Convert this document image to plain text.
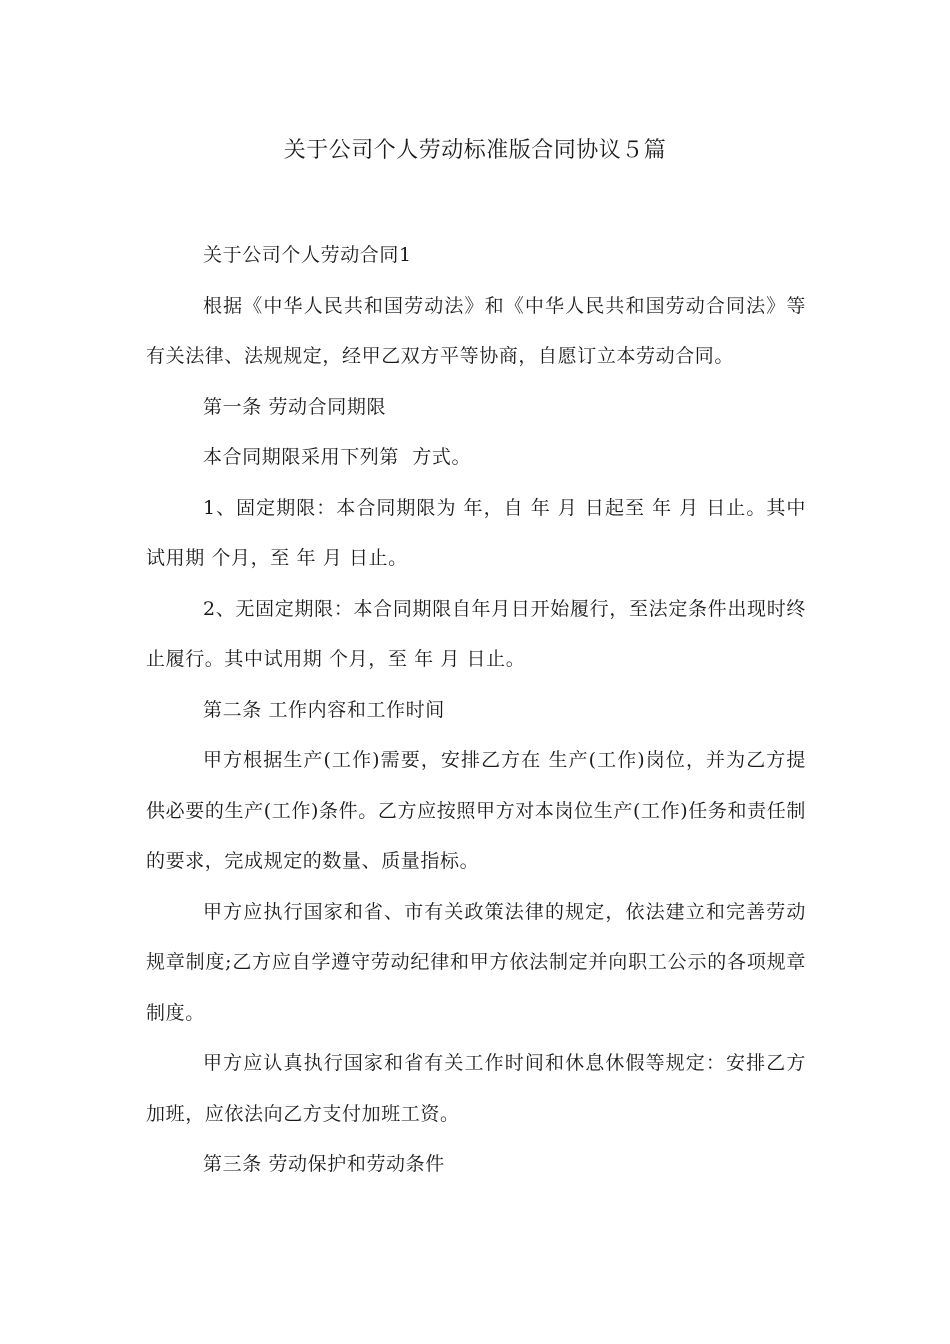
关于公司个人劳动标准版合同协议５篇

关于公司个人劳动合同1

根据《中华人民共和国劳动法》和《中华人民共和国劳动合同法》等有关法律、法规规定，经甲乙双方平等协商，自愿订立本劳动合同。

第一条 劳动合同期限

本合同期限采用下列第  方式。

1、固定期限：本合同期限为 年，自 年 月 日起至 年 月 日止。其中试用期 个月，至 年 月 日止。

2、无固定期限：本合同期限自年月日开始履行，至法定条件出现时终止履行。其中试用期 个月，至 年 月 日止。

第二条 工作内容和工作时间

甲方根据生产(工作)需要，安排乙方在 生产(工作)岗位，并为乙方提供必要的生产(工作)条件。乙方应按照甲方对本岗位生产(工作)任务和责任制的要求，完成规定的数量、质量指标。

甲方应执行国家和省、市有关政策法律的规定，依法建立和完善劳动规章制度;乙方应自学遵守劳动纪律和甲方依法制定并向职工公示的各项规章制度。

甲方应认真执行国家和省有关工作时间和休息休假等规定：安排乙方加班，应依法向乙方支付加班工资。

第三条 劳动保护和劳动条件
